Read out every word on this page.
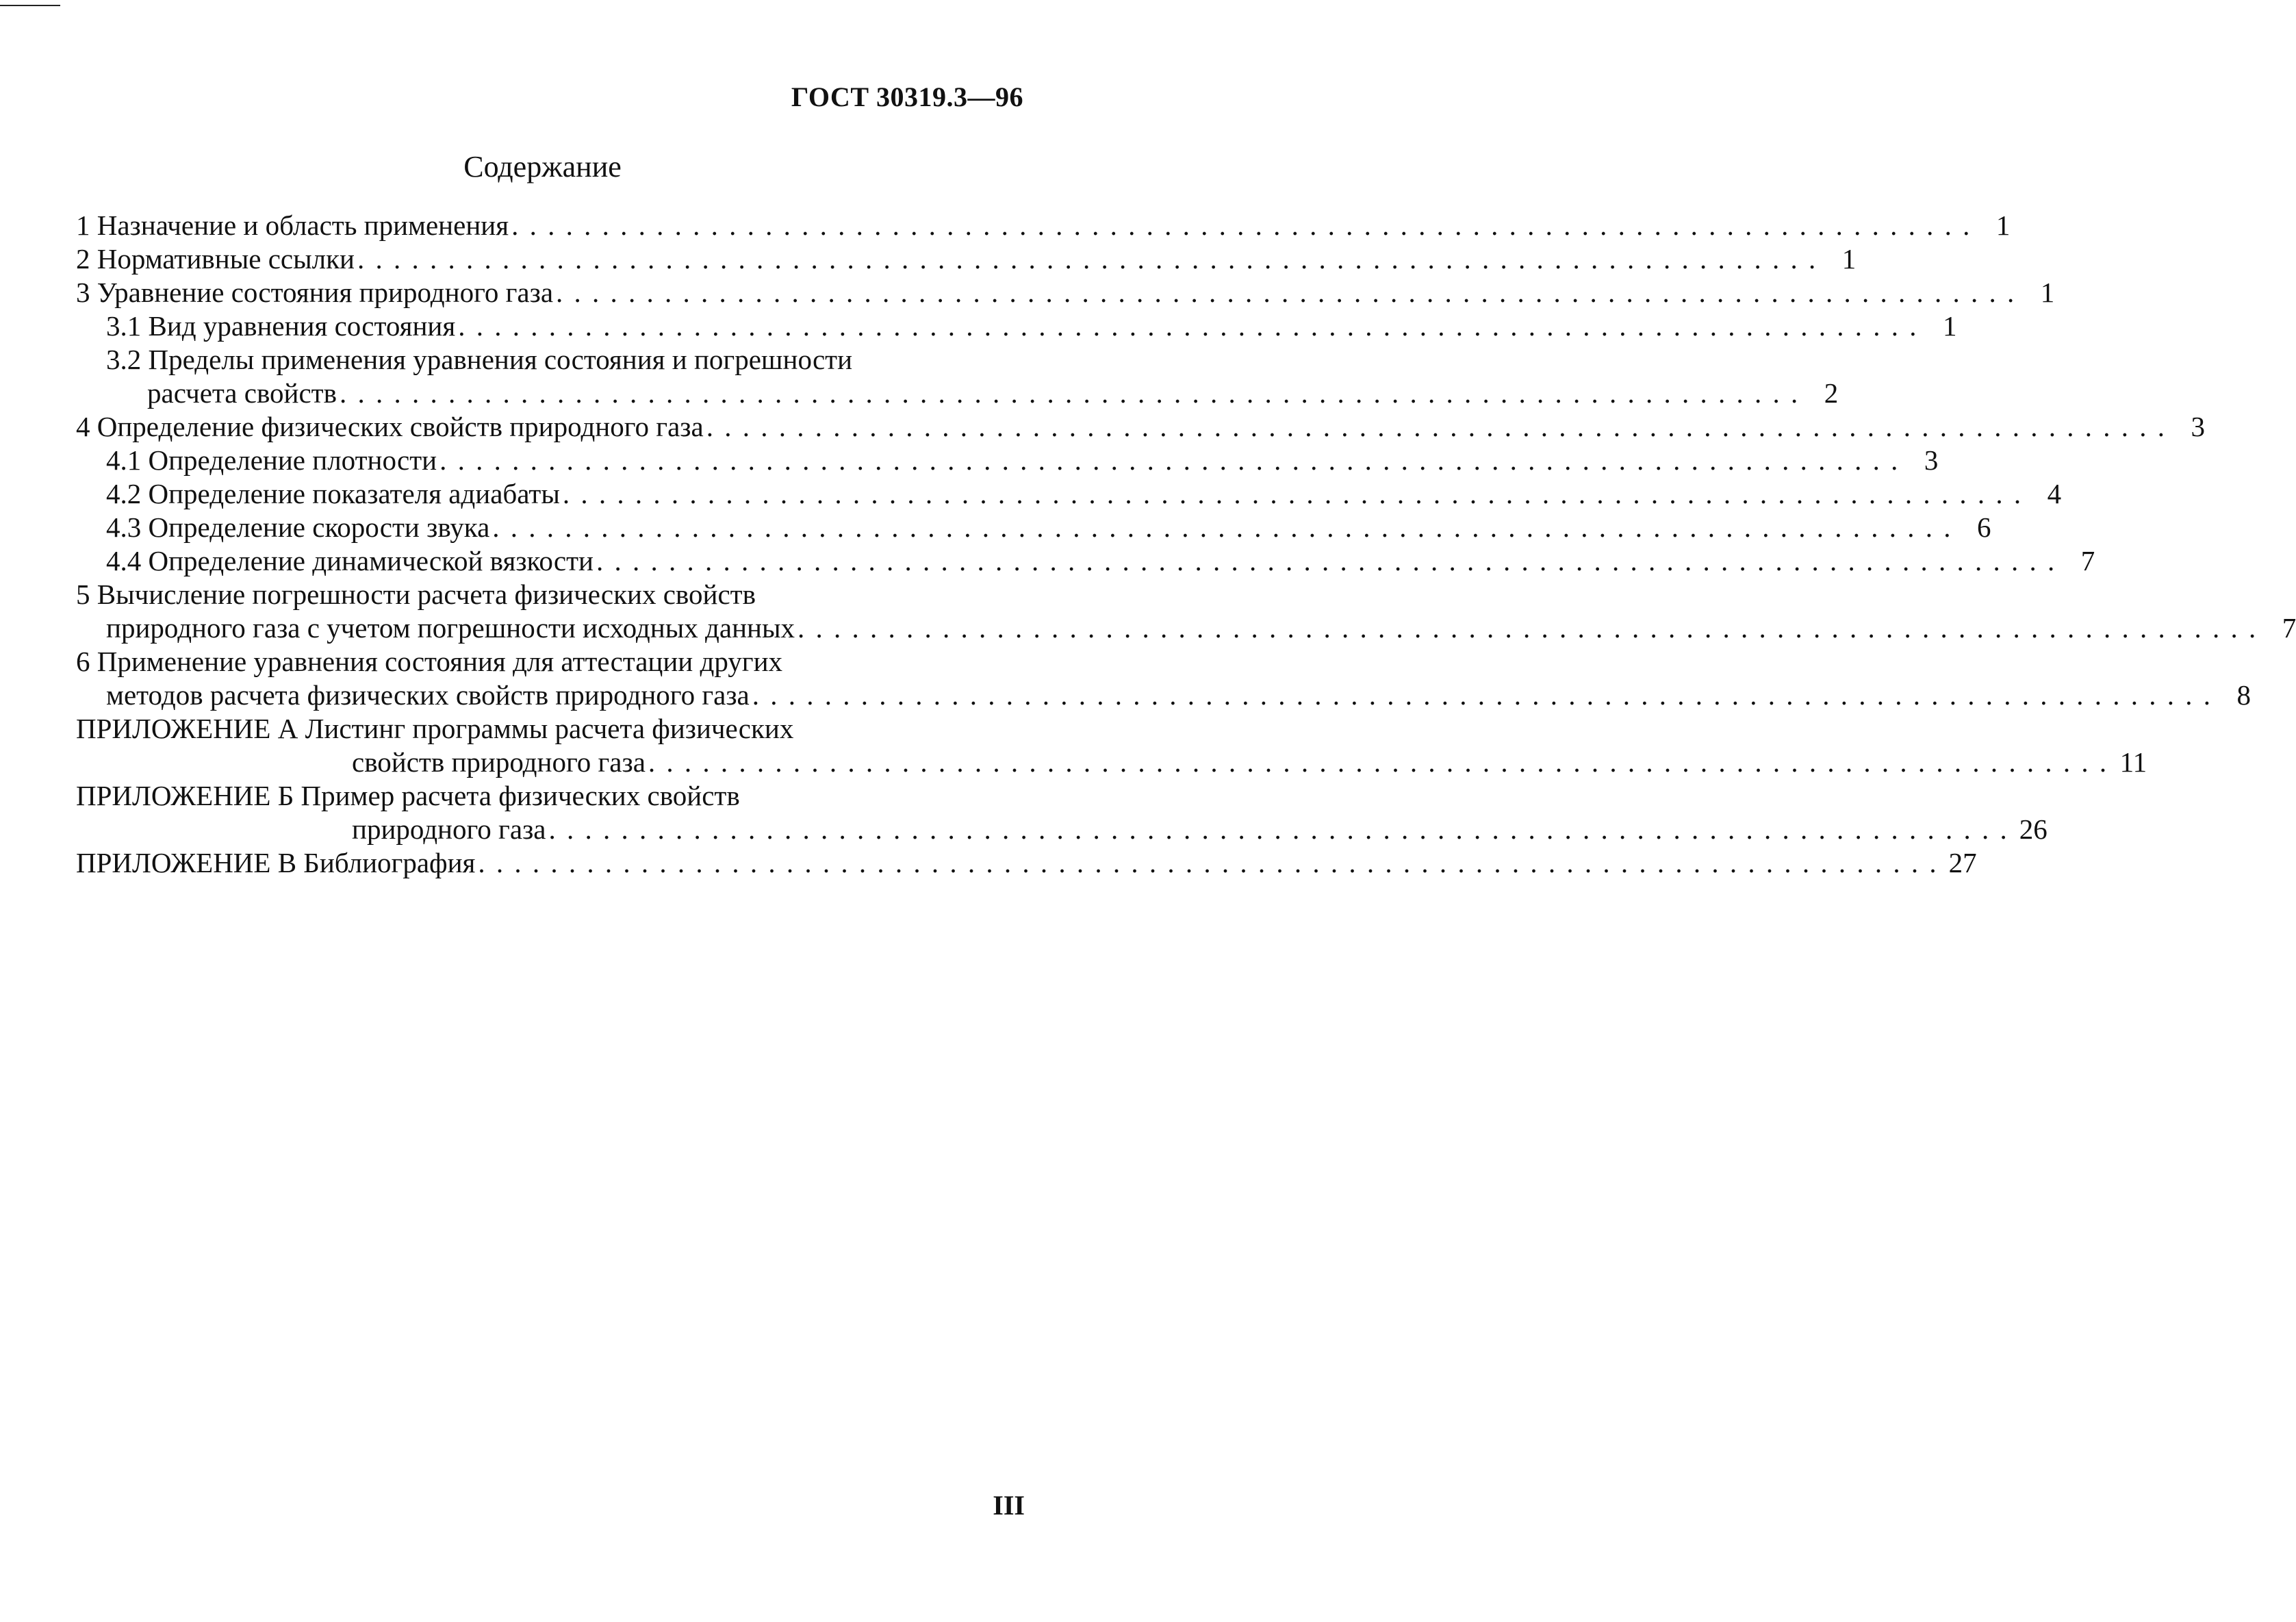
ГОСТ 30319.3—96
Содержание
1 Назначение и область применения . . .	1
2 Нормативные ссылки . . .	1
3 Уравнение состояния природного газа . . .	1
3.1 Вид уравнения состояния . . .	1
3.2 Пределы применения уравнения состояния и погрешности
расчета свойств . . .	2
4 Определение физических свойств природного газа . . .	3
4.1 Определение плотности . . .	3
4.2 Определение показателя адиабаты . . .	4
4.3 Определение скорости звука . . .	6
4.4 Определение динамической вязкости . . .	7
5 Вычисление погрешности расчета физических свойств
природного газа с учетом погрешности исходных данных . . .	7
6 Применение уравнения состояния для аттестации других
методов расчета физических свойств природного газа . . .	8
ПРИЛОЖЕНИЕ А Листинг программы расчета физических
свойств природного газа . . .	11
ПРИЛОЖЕНИЕ Б Пример расчета физических свойств
природного газа . . .	26
ПРИЛОЖЕНИЕ В Библиография . . .	27
III
